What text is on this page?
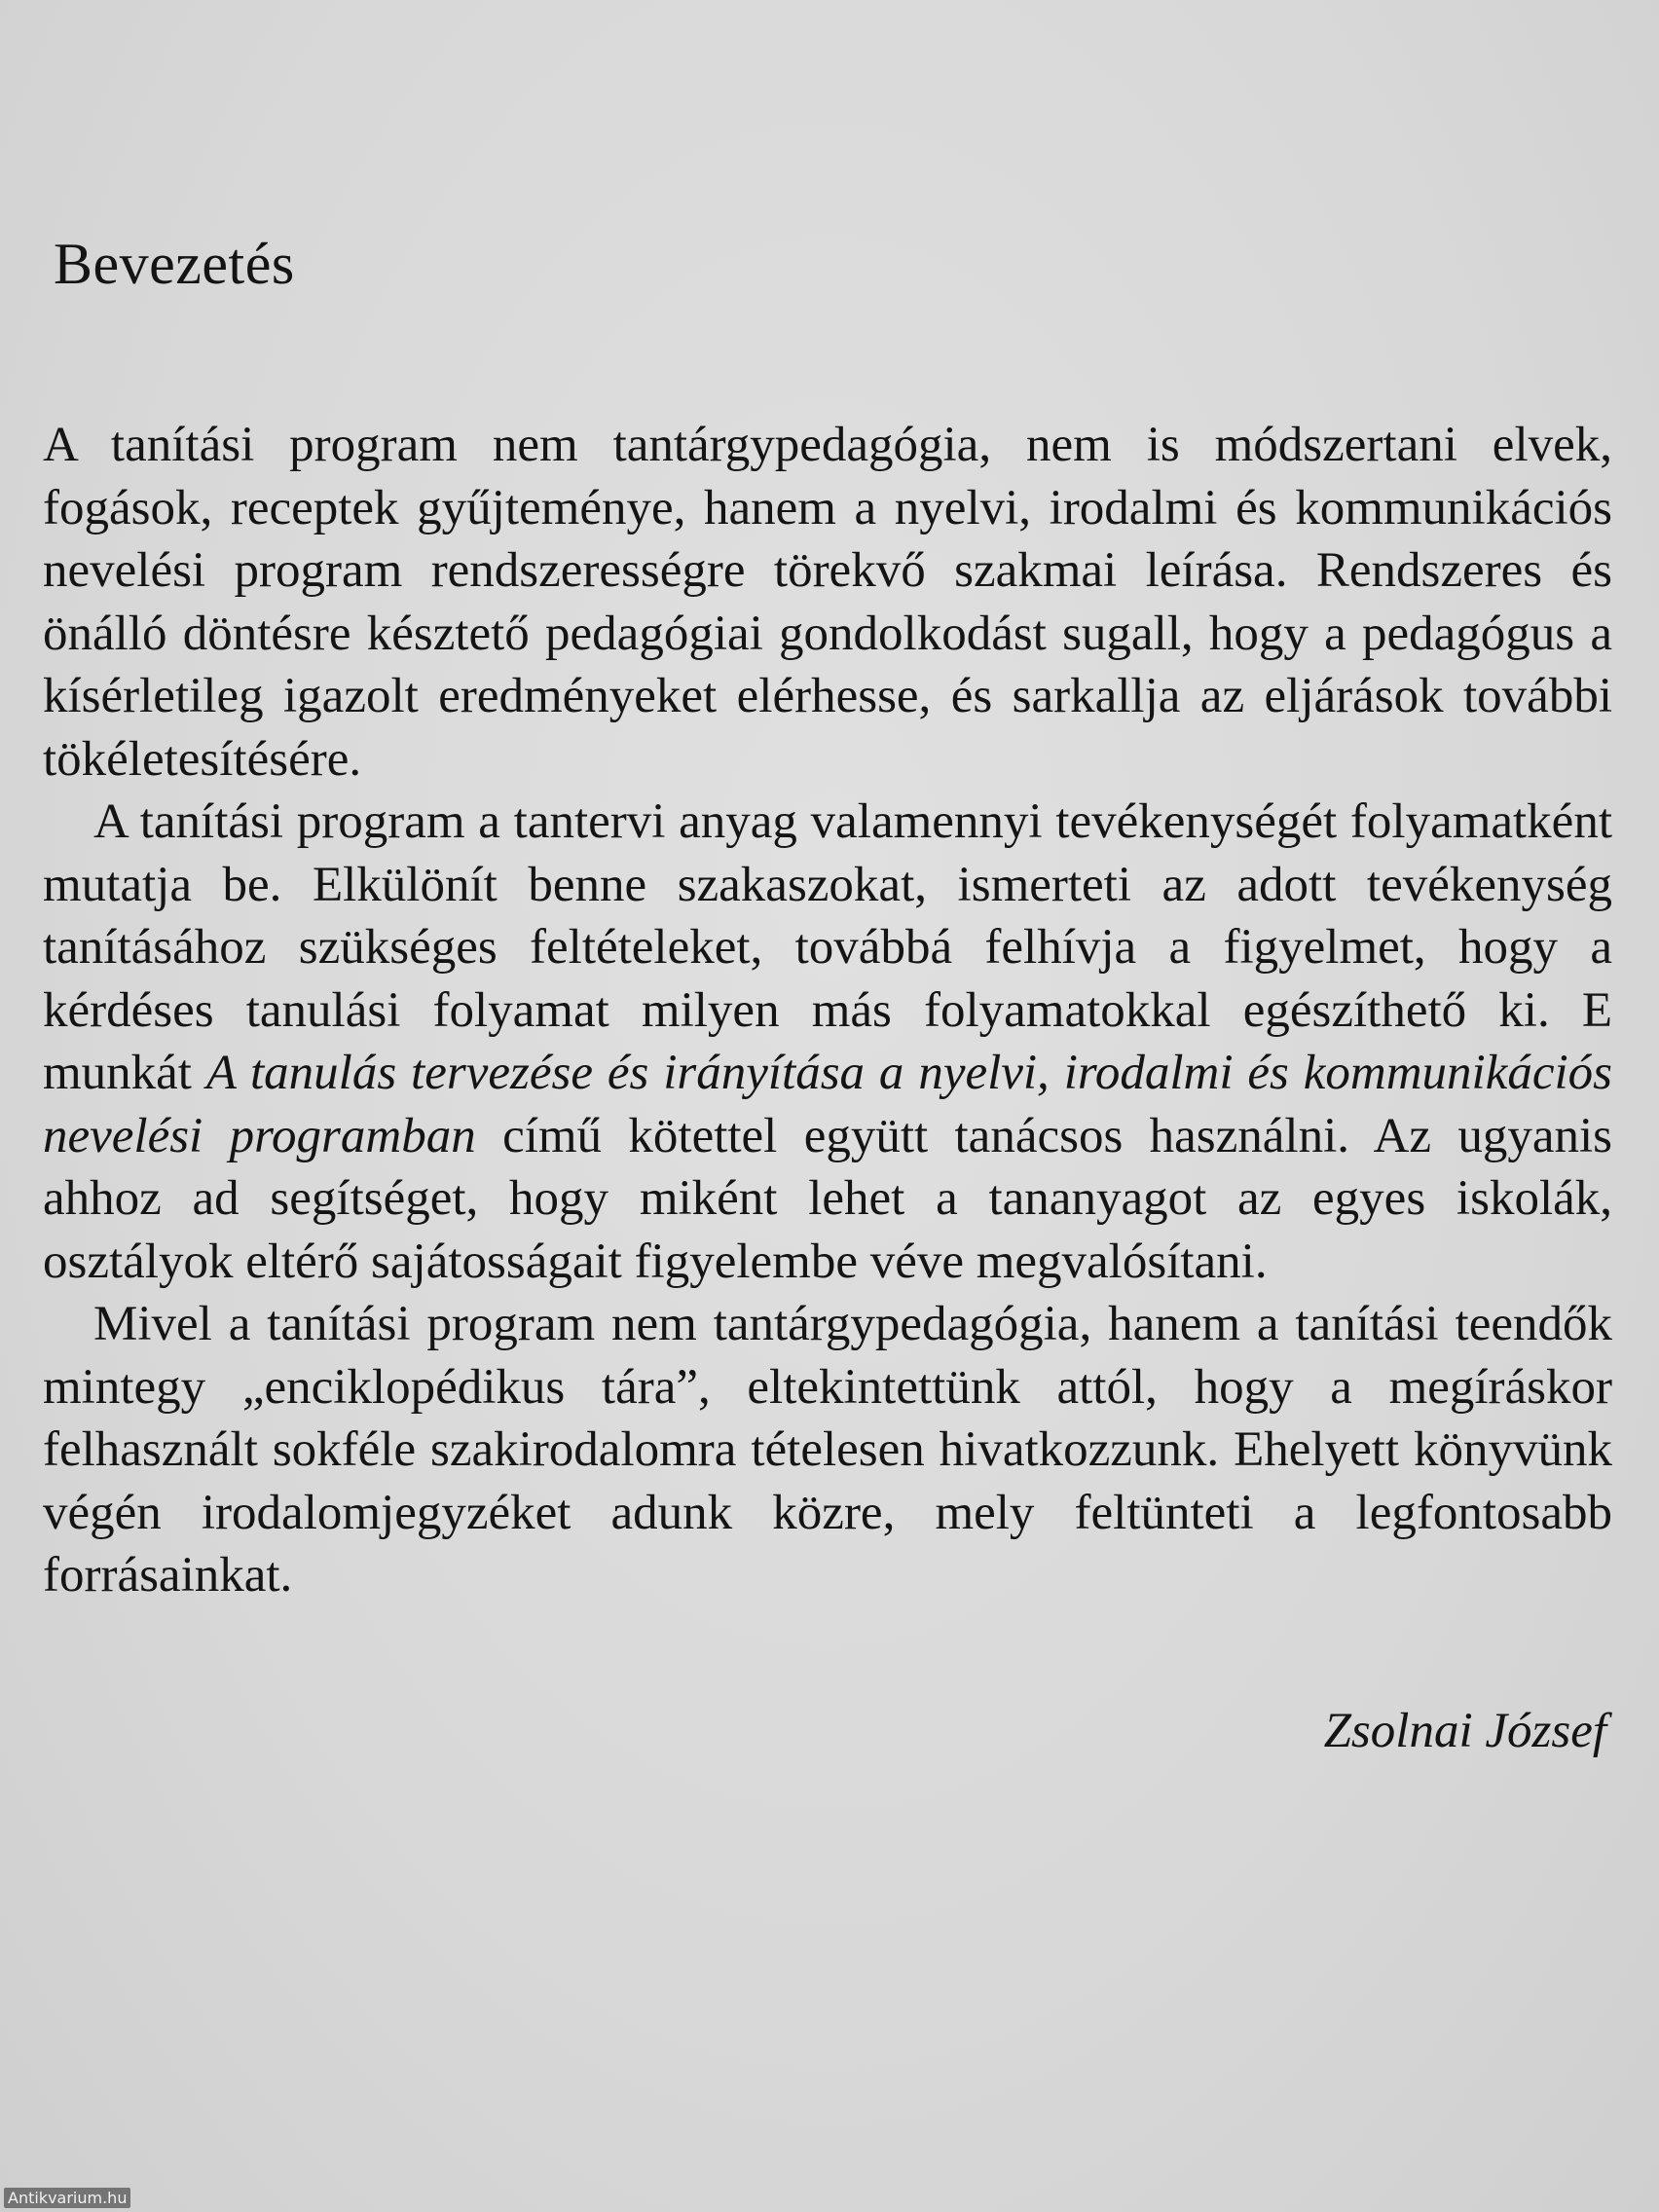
Bevezetés

A tanítási program nem tantárgypedagógia, nem is módszertani elvek, fogások, receptek gyűjteménye, hanem a nyelvi, irodalmi és kommunikációs nevelési program rendszerességre törekvő szakmai leírása. Rendszeres és önálló döntésre késztető pedagógiai gondolkodást sugall, hogy a pedagógus a kísérletileg igazolt eredményeket elérhesse, és sarkallja az eljárások további tökéletesítésére.

A tanítási program a tantervi anyag valamennyi tevékenységét folyamatként mutatja be. Elkülönít benne szakaszokat, ismerteti az adott tevékenység tanításához szükséges feltételeket, továbbá felhívja a figyelmet, hogy a kérdéses tanulási folyamat milyen más folyamatokkal egészíthető ki. E munkát A tanulás tervezése és irányítása a nyelvi, irodalmi és kommunikációs nevelési programban című kötettel együtt tanácsos használni. Az ugyanis ahhoz ad segítséget, hogy miként lehet a tananyagot az egyes iskolák, osztályok eltérő sajátosságait figyelembe véve megvalósítani.

Mivel a tanítási program nem tantárgypedagógia, hanem a tanítási teendők mintegy „enciklopédikus tára”, eltekintettünk attól, hogy a megíráskor felhasznált sokféle szakirodalomra tételesen hivatkozzunk. Ehelyett könyvünk végén irodalomjegyzéket adunk közre, mely feltünteti a legfontosabb forrásainkat.

Zsolnai József
Antikvarium.hu
